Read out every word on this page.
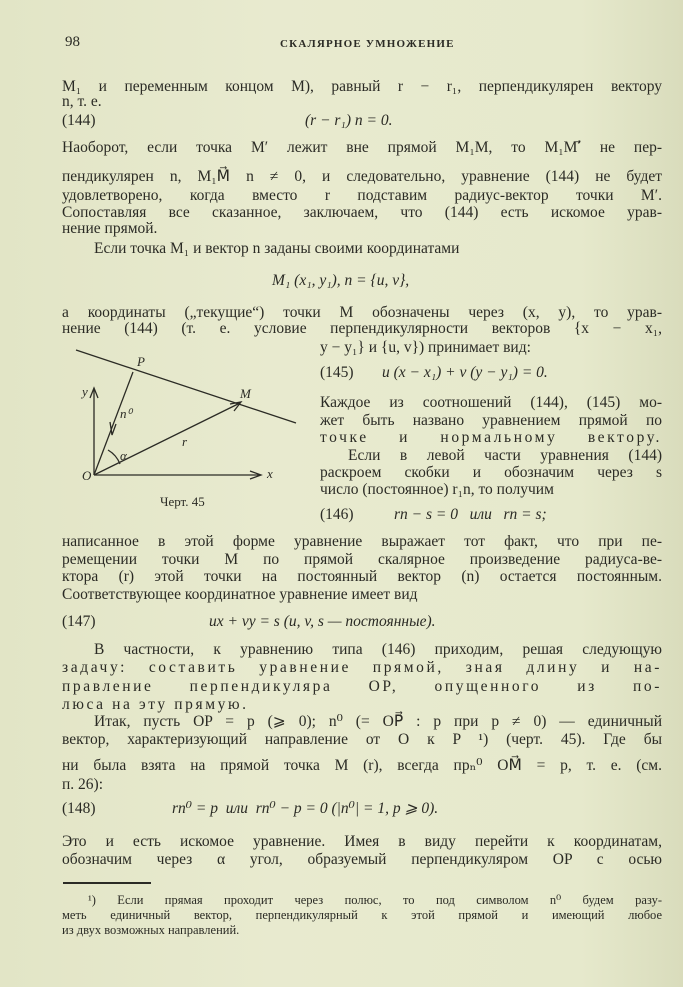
98	СКАЛЯРНОЕ УМНОЖЕНИЕ
M₁ и переменным концом M), равный r − r₁, перпендикулярен вектору
n, т. е.
(144)	(r − r₁) n = 0.
Наоборот, если точка M′ лежит вне прямой M₁M, то M₁M′⃗ не пер-
пендикулярен n, M₁M⃗ n ≠ 0, и следовательно, уравнение (144) не будет
удовлетворено, когда вместо r подставим радиус-вектор точки M′.
Сопоставляя все сказанное, заключаем, что (144) есть искомое урав-
нение прямой.
Если точка M₁ и вектор n заданы своими координатами
M₁ (x₁, y₁), n = {u, v},
а координаты („текущие“) точки M обозначены через (x, y), то урав-
нение (144) (т. е. условие перпендикулярности векторов {x − x₁,
P
y	M
n⁰
r
α
O	x
Черт. 45
y − y₁} и {u, v}) принимает вид:
(145) u (x − x₁) + v (y − y₁) = 0.
Каждое из соотношений (144), (145) мо-
жет быть названо уравнением прямой по
точке и нормальному вектору.
Если в левой части уравнения (144)
раскроем скобки и обозначим через s
число (постоянное) r₁n, то получим
(146)	rn − s = 0   или   rn = s;
написанное в этой форме уравнение выражает тот факт, что при пе-
ремещении точки M по прямой скалярное произведение радиуса-ве-
ктора (r) этой точки на постоянный вектор (n) остается постоянным.
Соответствующее координатное уравнение имеет вид
(147)	ux + vy = s (u, v, s — постоянные).
В частности, к уравнению типа (146) приходим, решая следующую
задачу: составить уравнение прямой, зная длину и на-
правление перпендикуляра OP, опущенного из по-
люса на эту прямую.
Итак, пусть OP = p (⩾ 0); n⁰ (= OP⃗ : p при p ≠ 0) — единичный
вектор, характеризующий направление от O к P ¹) (черт. 45). Где бы
ни была взята на прямой точка M (r), всегда прₙ⁰ OM⃗ = p, т. е. (см.
п. 26):
(148)	rn⁰ = p  или  rn⁰ − p = 0 (|n⁰| = 1, p ⩾ 0).
Это и есть искомое уравнение. Имея в виду перейти к координатам,
обозначим через α угол, образуемый перпендикуляром OP с осью
¹) Если прямая проходит через полюс, то под символом n⁰ будем разу-
меть единичный вектор, перпендикулярный к этой прямой и имеющий любое
из двух возможных направлений.
